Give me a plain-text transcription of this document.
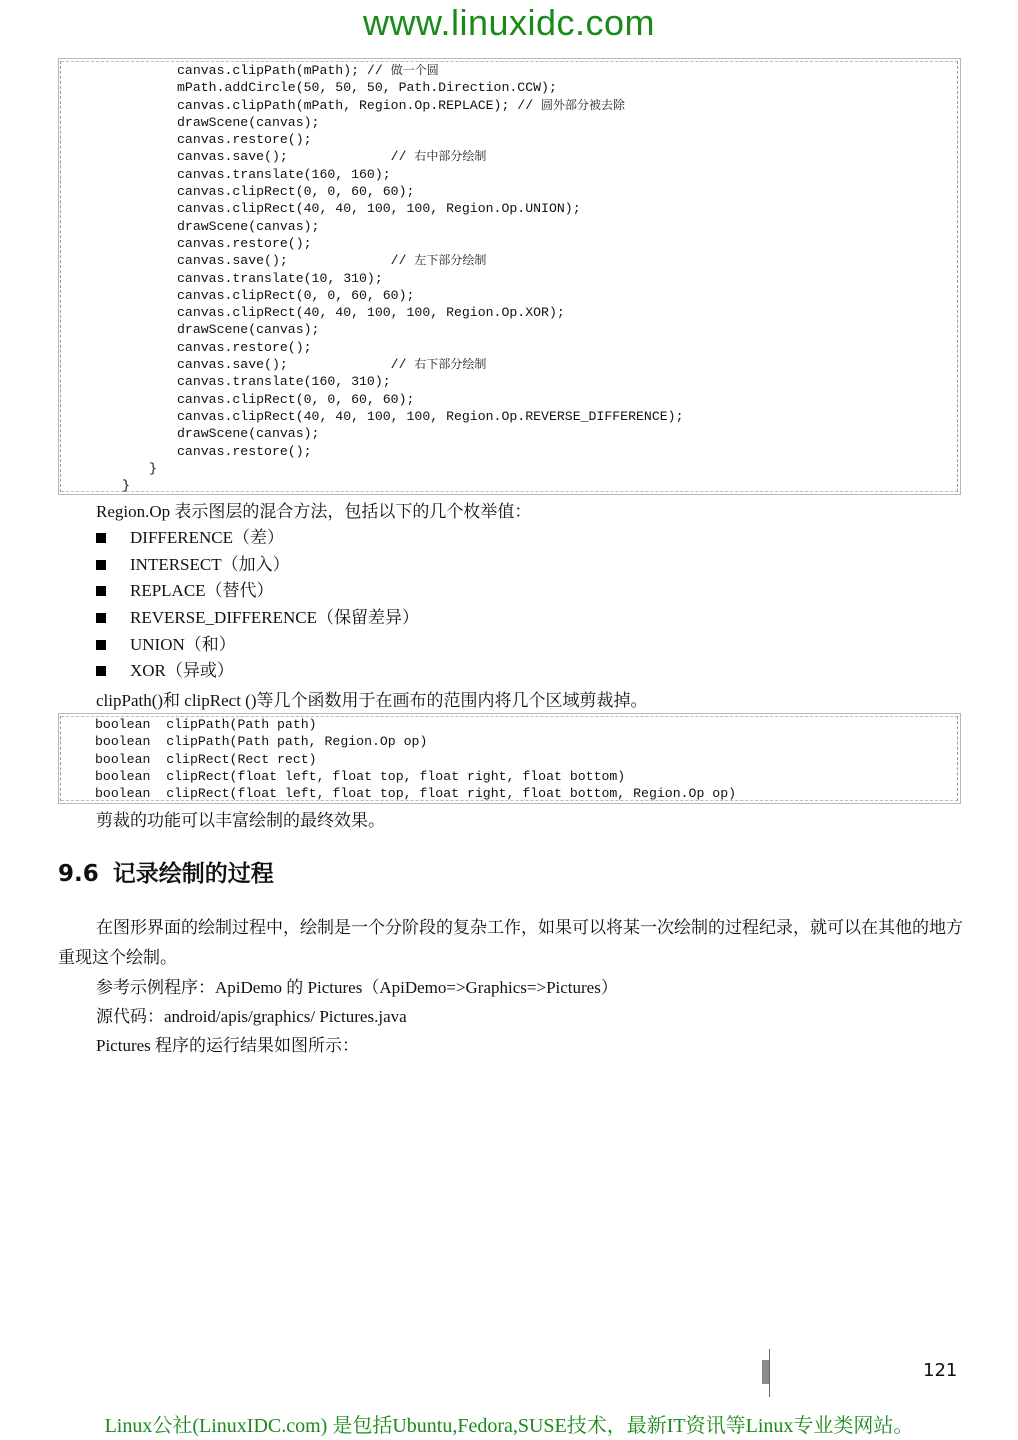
www.linuxidc.com
canvas.clipPath(mPath); // 做一个圆
mPath.addCircle(50, 50, 50, Path.Direction.CCW);
canvas.clipPath(mPath, Region.Op.REPLACE); // 圆外部分被去除
drawScene(canvas);
canvas.restore();
canvas.save();             // 右中部分绘制
canvas.translate(160, 160);
canvas.clipRect(0, 0, 60, 60);
canvas.clipRect(40, 40, 100, 100, Region.Op.UNION);
drawScene(canvas);
canvas.restore();
canvas.save();             // 左下部分绘制
canvas.translate(10, 310);
canvas.clipRect(0, 0, 60, 60);
canvas.clipRect(40, 40, 100, 100, Region.Op.XOR);
drawScene(canvas);
canvas.restore();
canvas.save();             // 右下部分绘制
canvas.translate(160, 310);
canvas.clipRect(0, 0, 60, 60);
canvas.clipRect(40, 40, 100, 100, Region.Op.REVERSE_DIFFERENCE);
drawScene(canvas);
canvas.restore();
}
}
Region.Op 表示图层的混合方法，包括以下的几个枚举值：
DIFFERENCE（差）
INTERSECT（加入）
REPLACE（替代）
REVERSE_DIFFERENCE（保留差异）
UNION（和）
XOR（异或）
clipPath()和 clipRect ()等几个函数用于在画布的范围内将几个区域剪裁掉。
boolean  clipPath(Path path)
boolean  clipPath(Path path, Region.Op op)
boolean  clipRect(Rect rect)
boolean  clipRect(float left, float top, float right, float bottom)
boolean  clipRect(float left, float top, float right, float bottom, Region.Op op)
剪裁的功能可以丰富绘制的最终效果。
9.6 记录绘制的过程
在图形界面的绘制过程中，绘制是一个分阶段的复杂工作，如果可以将某一次绘制的过程纪录，就可以在其他的地方重现这个绘制。
参考示例程序：ApiDemo 的 Pictures（ApiDemo=>Graphics=>Pictures）
源代码：android/apis/graphics/ Pictures.java
Pictures 程序的运行结果如图所示：
121
Linux公社(LinuxIDC.com) 是包括Ubuntu,Fedora,SUSE技术，最新IT资讯等Linux专业类网站。
